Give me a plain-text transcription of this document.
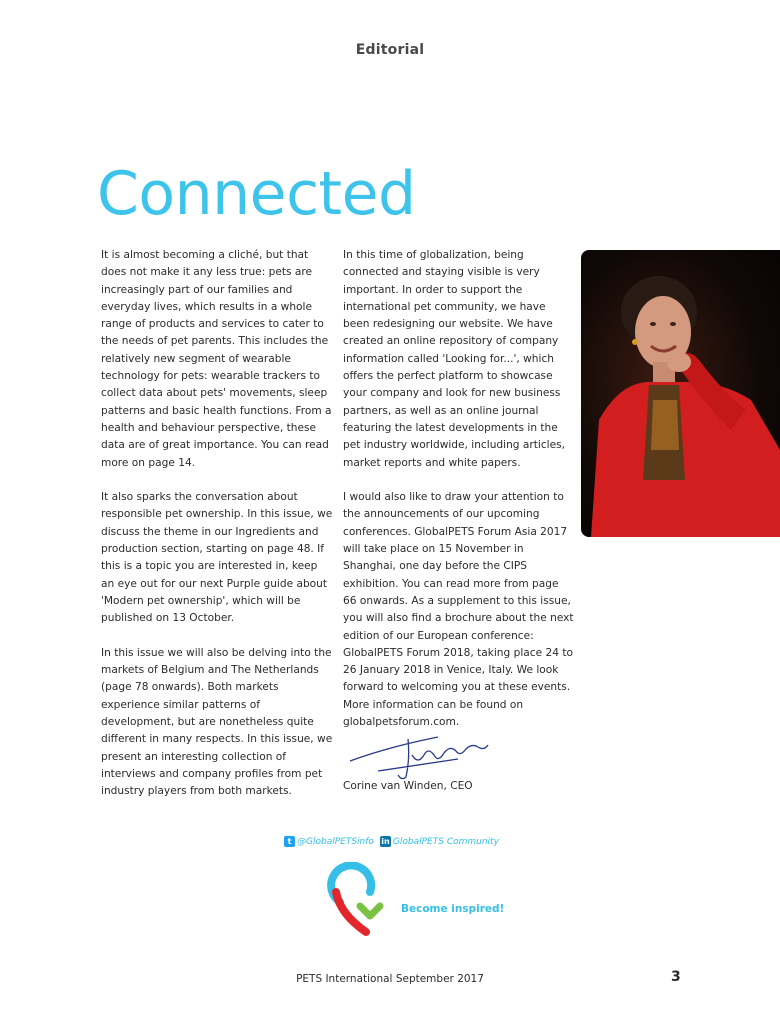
Editorial
Connected

It is almost becoming a cliché, but that does not make it any less true: pets are increasingly part of our families and everyday lives, which results in a whole range of products and services to cater to the needs of pet parents. This includes the relatively new segment of wearable technology for pets: wearable trackers to collect data about pets' movements, sleep patterns and basic health functions. From a health and behaviour perspective, these data are of great importance. You can read more on page 14.

It also sparks the conversation about responsible pet ownership. In this issue, we discuss the theme in our Ingredients and production section, starting on page 48. If this is a topic you are interested in, keep an eye out for our next Purple guide about 'Modern pet ownership', which will be published on 13 October.

In this issue we will also be delving into the markets of Belgium and The Netherlands (page 78 onwards). Both markets experience similar patterns of development, but are nonetheless quite different in many respects. In this issue, we present an interesting collection of interviews and company profiles from pet industry players from both markets.

In this time of globalization, being connected and staying visible is very important. In order to support the international pet community, we have been redesigning our website. We have created an online repository of company information called 'Looking for...', which offers the perfect platform to showcase your company and look for new business partners, as well as an online journal featuring the latest developments in the pet industry worldwide, including articles, market reports and white papers.

I would also like to draw your attention to the announcements of our upcoming conferences. GlobalPETS Forum Asia 2017 will take place on 15 November in Shanghai, one day before the CIPS exhibition. You can read more from page 66 onwards. As a supplement to this issue, you will also find a brochure about the next edition of our European conference: GlobalPETS Forum 2018, taking place 24 to 26 January 2018 in Venice, Italy. We look forward to welcoming you at these events. More information can be found on globalpetsforum.com.

Corine van Winden, CEO
t @GlobalPETSinfo in GlobalPETS Community
Become inspired!
PETS International September 2017	3
